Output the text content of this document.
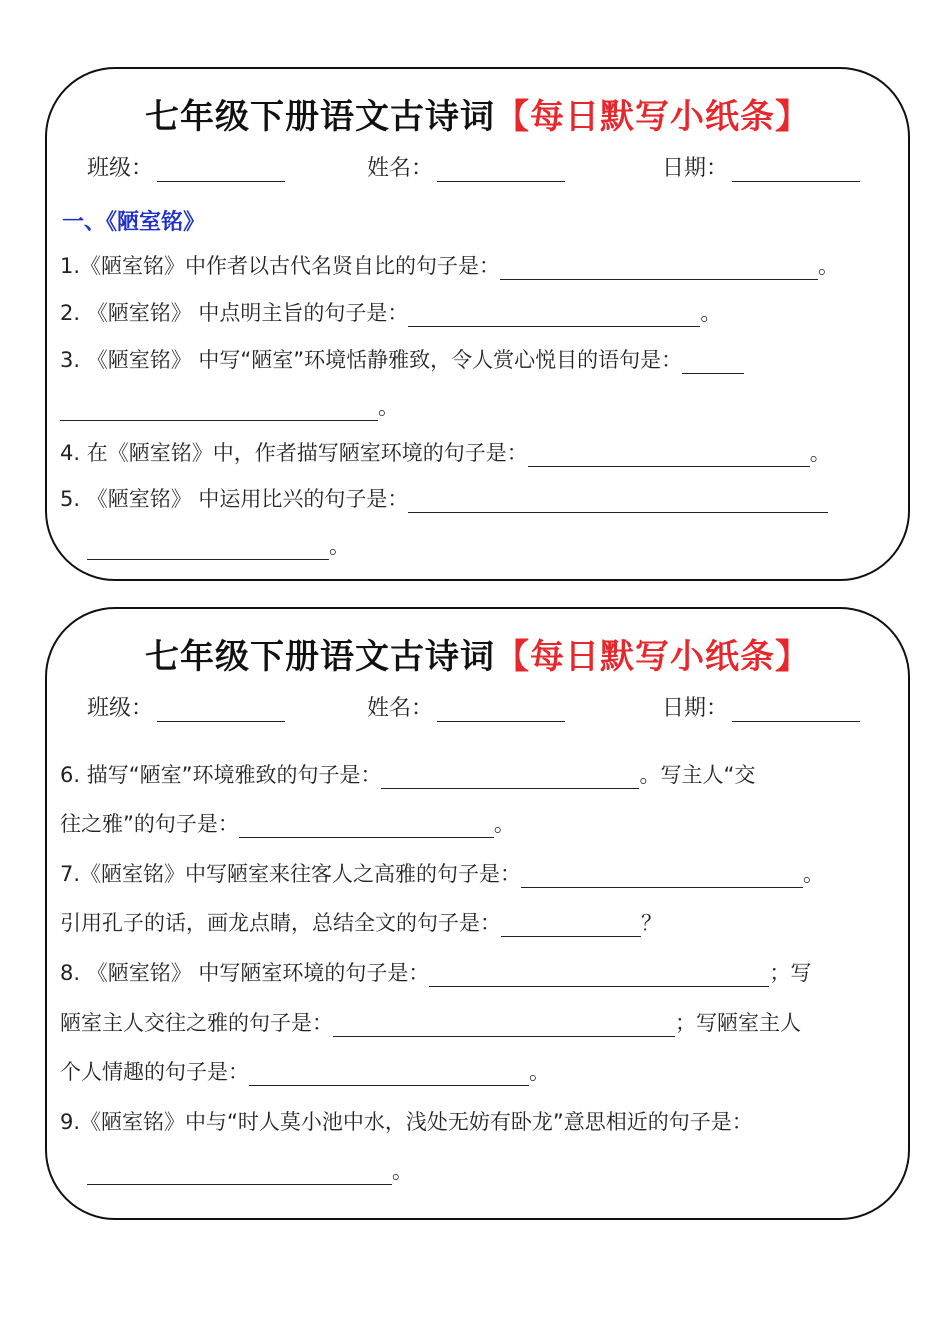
七年级下册语文古诗词【每日默写小纸条】
班级：	姓名：	日期：
一、《陋室铭》
1.《陋室铭》中作者以古代名贤自比的句子是：	。
2. 《陋室铭》 中点明主旨的句子是：	。
3. 《陋室铭》 中写“陋室”环境恬静雅致，令人赏心悦目的语句是：
。
4. 在《陋室铭》中，作者描写陋室环境的句子是：	。
5. 《陋室铭》 中运用比兴的句子是：
。
七年级下册语文古诗词【每日默写小纸条】
班级：	姓名：	日期：
6. 描写“陋室”环境雅致的句子是：	。写主人“交
往之雅”的句子是：	。
7.《陋室铭》中写陋室来往客人之高雅的句子是：	。
引用孔子的话，画龙点睛，总结全文的句子是：	？
8. 《陋室铭》 中写陋室环境的句子是：	；写
陋室主人交往之雅的句子是：	；写陋室主人
个人情趣的句子是：	。
9.《陋室铭》中与“时人莫小池中水，浅处无妨有卧龙”意思相近的句子是：
。
